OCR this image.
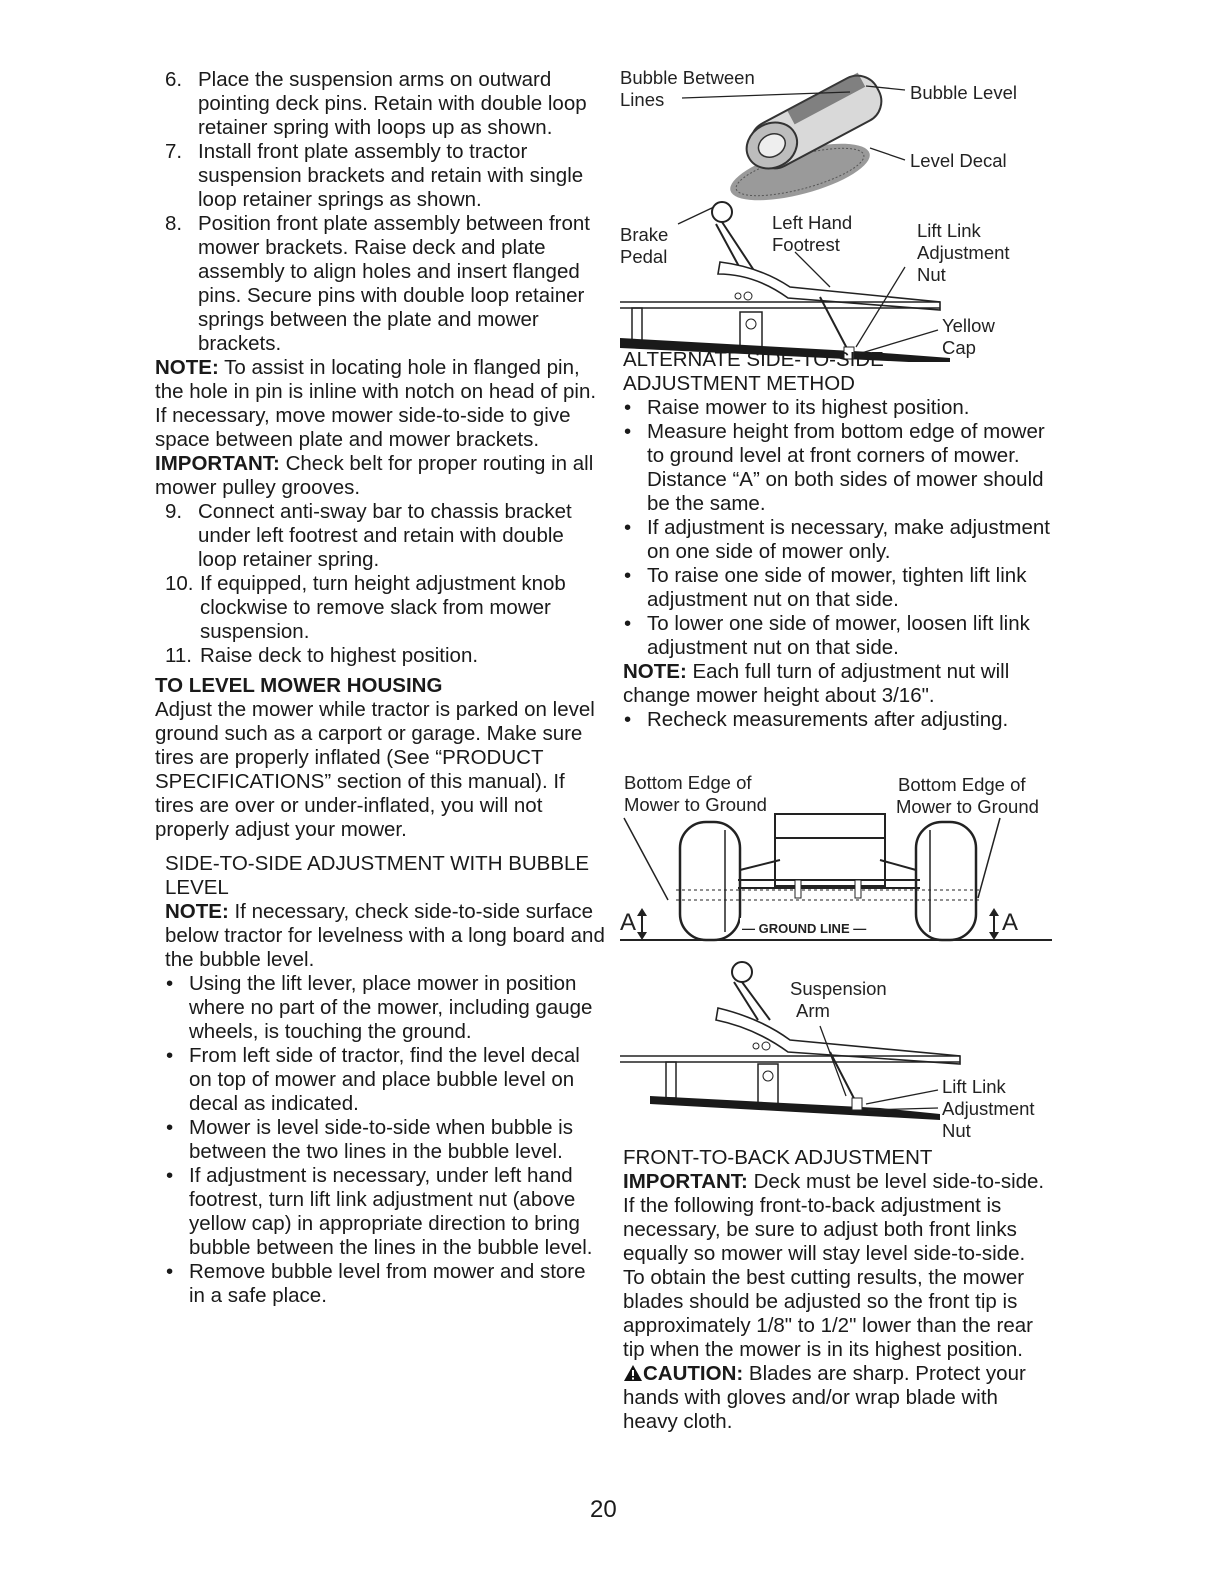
6. Place the suspension arms on outward pointing deck pins. Retain with double loop retainer spring with loops up as shown.
7. Install front plate assembly to tractor suspension brackets and retain with single loop retainer springs as shown.
8. Position front plate assembly between front mower brackets. Raise deck and plate assembly to align holes and insert flanged pins. Secure pins with double loop retainer springs between the plate and mower brackets.

NOTE: To assist in locating hole in flanged pin, the hole in pin is inline with notch on head of pin. If necessary, move mower side-to-side to give space between plate and mower brackets.

IMPORTANT: Check belt for proper routing in all mower pulley grooves.

9. Connect anti-sway bar to chassis bracket under left footrest and retain with double loop retainer spring.
10. If equipped, turn height adjustment knob clockwise to remove slack from mower suspension.
11. Raise deck to highest position.
TO LEVEL MOWER HOUSING

Adjust the mower while tractor is parked on level ground such as a carport or garage. Make sure tires are properly inflated (See “PRODUCT SPECIFICATIONS” section of this manual). If tires are over or under-inflated, you will not properly adjust your mower.

SIDE-TO-SIDE ADJUSTMENT WITH BUBBLE LEVEL

NOTE: If necessary, check side-to-side surface below tractor for levelness with a long board and the bubble level.

• Using the lift lever, place mower in position where no part of the mower, including gauge wheels, is touching the ground.
• From left side of tractor, find the level decal on top of mower and place bubble level on decal as indicated.
• Mower is level side-to-side when bubble is between the two lines in the bubble level.
• If adjustment is necessary, under left hand footrest, turn lift link adjustment nut (above yellow cap) in appropriate direction to bring bubble between the lines in the bubble level.
• Remove bubble level from mower and store in a safe place.
Bubble Between
Lines	Bubble Level
Level Decal
Brake
Pedal
Left Hand
Footrest
Lift Link
Adjustment
Nut
Yellow
Cap
ALTERNATE SIDE-TO-SIDE ADJUSTMENT METHOD
• Raise mower to its highest position.
• Measure height from bottom edge of mower to ground level at front corners of mower. Distance “A” on both sides of mower should be the same.
• If adjustment is necessary, make adjustment on one side of mower only.
• To raise one side of mower, tighten lift link adjustment nut on that side.
• To lower one side of mower, loosen lift link adjustment nut on that side.

NOTE: Each full turn of adjustment nut will change mower height about 3/16".

• Recheck measurements after adjusting.
Bottom Edge of
Mower to Ground
Bottom Edge of
Mower to Ground
A	A
— GROUND LINE —
Suspension
Arm
Lift Link
Adjustment
Nut
FRONT-TO-BACK ADJUSTMENT

IMPORTANT: Deck must be level side-to-side. If the following front-to-back adjustment is necessary, be sure to adjust both front links equally so mower will stay level side-to-side.

To obtain the best cutting results, the mower blades should be adjusted so the front tip is approximately 1/8" to 1/2" lower than the rear tip when the mower is in its highest position.

CAUTION: Blades are sharp. Protect your hands with gloves and/or wrap blade with heavy cloth.

20
